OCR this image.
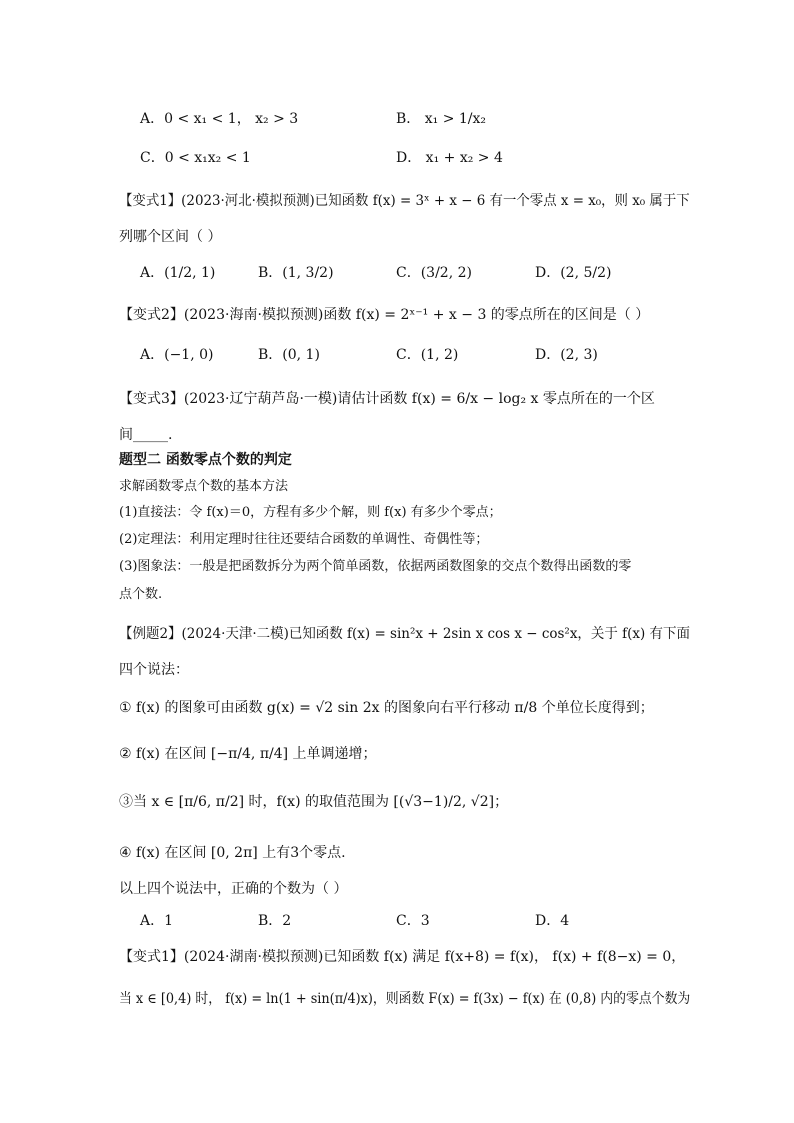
A．0 < x₁ < 1， x₂ > 3	B． x₁ > 1/x₂
C．0 < x₁x₂ < 1	D． x₁ + x₂ > 4
【变式1】(2023·河北·模拟预测)已知函数 f(x) = 3ˣ + x − 6 有一个零点 x = x₀，则 x₀ 属于下
列哪个区间（ ）
A．(1/2, 1)	B．(1, 3/2)	C．(3/2, 2)	D．(2, 5/2)
【变式2】(2023·海南·模拟预测)函数 f(x) = 2ˣ⁻¹ + x − 3 的零点所在的区间是（ ）
A．(−1, 0)	B．(0, 1)	C．(1, 2)	D．(2, 3)
【变式3】(2023·辽宁葫芦岛·一模)请估计函数 f(x) = 6/x − log₂ x 零点所在的一个区
间_____.
题型二 函数零点个数的判定
求解函数零点个数的基本方法
(1)直接法：令 f(x)＝0，方程有多少个解，则 f(x) 有多少个零点；
(2)定理法：利用定理时往往还要结合函数的单调性、奇偶性等；
(3)图象法：一般是把函数拆分为两个简单函数，依据两函数图象的交点个数得出函数的零
点个数.
【例题2】(2024·天津·二模)已知函数 f(x) = sin²x + 2sin x cos x − cos²x，关于 f(x) 有下面
四个说法：
① f(x) 的图象可由函数 g(x) = √2 sin 2x 的图象向右平行移动 π/8 个单位长度得到；
② f(x) 在区间 [−π/4, π/4] 上单调递增；
③当 x ∈ [π/6, π/2] 时，f(x) 的取值范围为 [(√3−1)/2, √2]；
④ f(x) 在区间 [0, 2π] 上有3个零点.
以上四个说法中，正确的个数为（ ）
A．1	B．2	C．3	D．4
【变式1】(2024·湖南·模拟预测)已知函数 f(x) 满足 f(x+8) = f(x)， f(x) + f(8−x) = 0，
当 x ∈ [0,4) 时， f(x) = ln(1 + sin(π/4)x)，则函数 F(x) = f(3x) − f(x) 在 (0,8) 内的零点个数为
